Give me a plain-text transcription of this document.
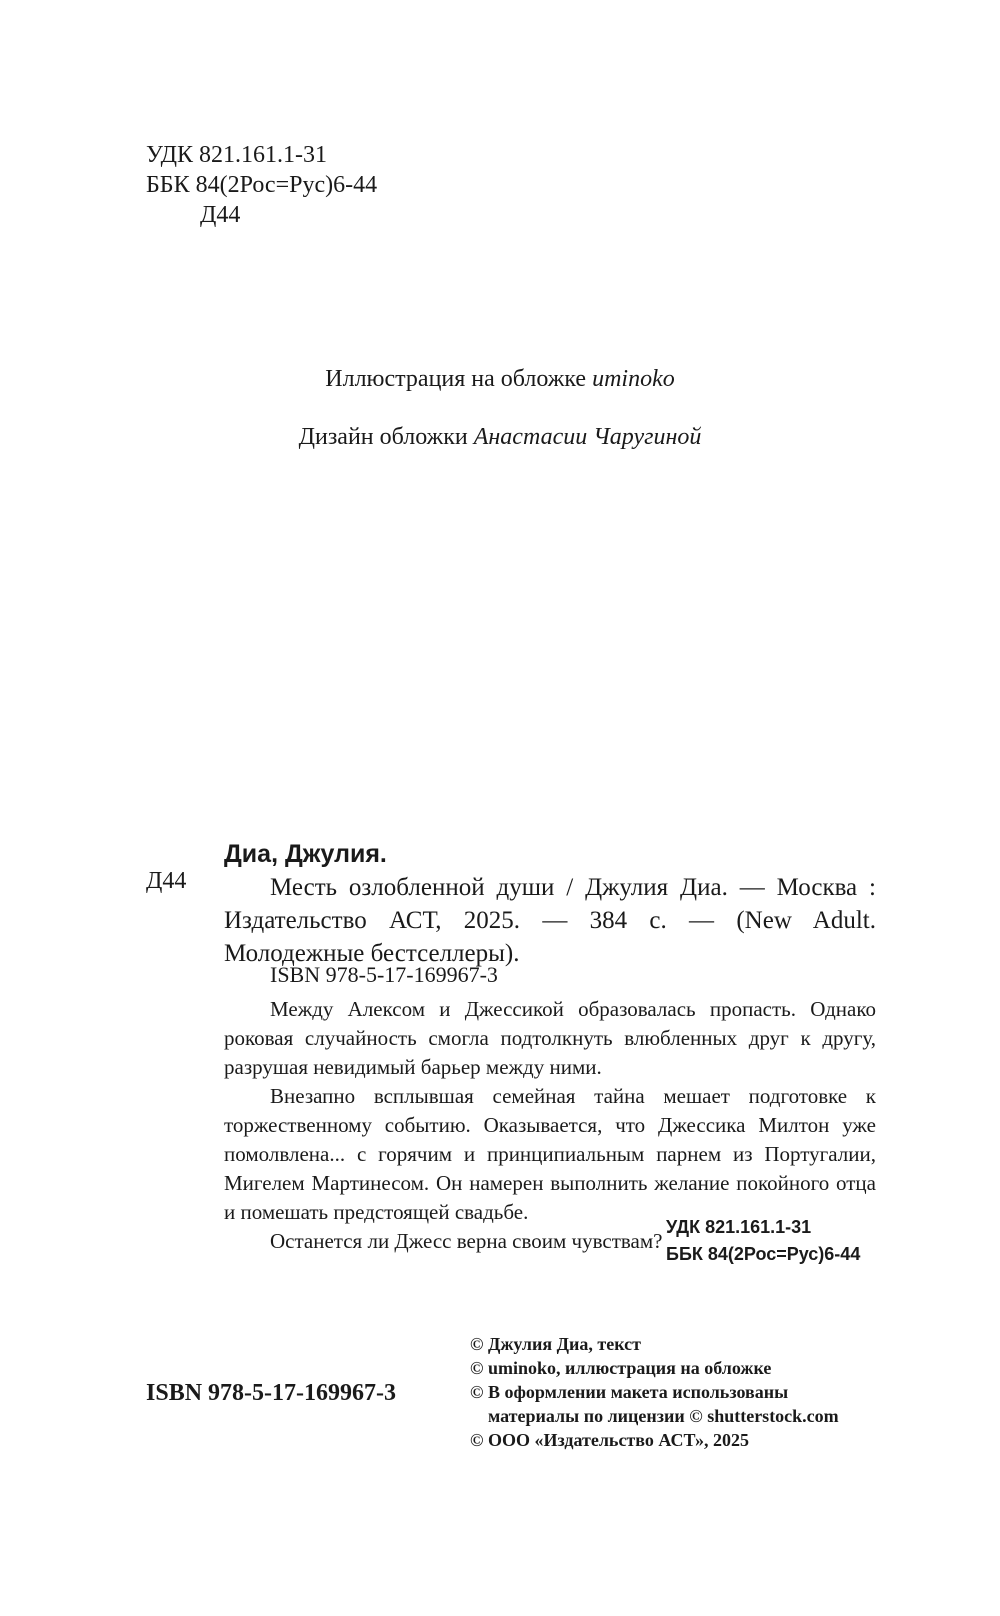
УДК 821.161.1-31
ББК 84(2Рос=Рус)6-44
Д44
Иллюстрация на обложке uminoko
Дизайн обложки Анастасии Чаругиной
Д44
Диа, Джулия.
Месть озлобленной души / Джулия Диа. — Москва : Издательство АСТ, 2025. — 384 с. — (New Adult. Молодежные бестселлеры).
ISBN 978-5-17-169967-3

Между Алексом и Джессикой образовалась пропасть. Однако роковая случайность смогла подтолкнуть влюбленных друг к другу, разрушая невидимый барьер между ними.

Внезапно всплывшая семейная тайна мешает подготовке к торжественному событию. Оказывается, что Джессика Милтон уже помолвлена... с горячим и принципиальным парнем из Португалии, Мигелем Мартинесом. Он намерен выполнить желание покойного отца и помешать предстоящей свадьбе.

Останется ли Джесс верна своим чувствам?

УДК 821.161.1-31
ББК 84(2Рос=Рус)6-44
© Джулия Диа, текст
© uminoko, иллюстрация на обложке
© В оформлении макета использованы
материалы по лицензии © shutterstock.com
© ООО «Издательство АСТ», 2025
ISBN 978-5-17-169967-3
